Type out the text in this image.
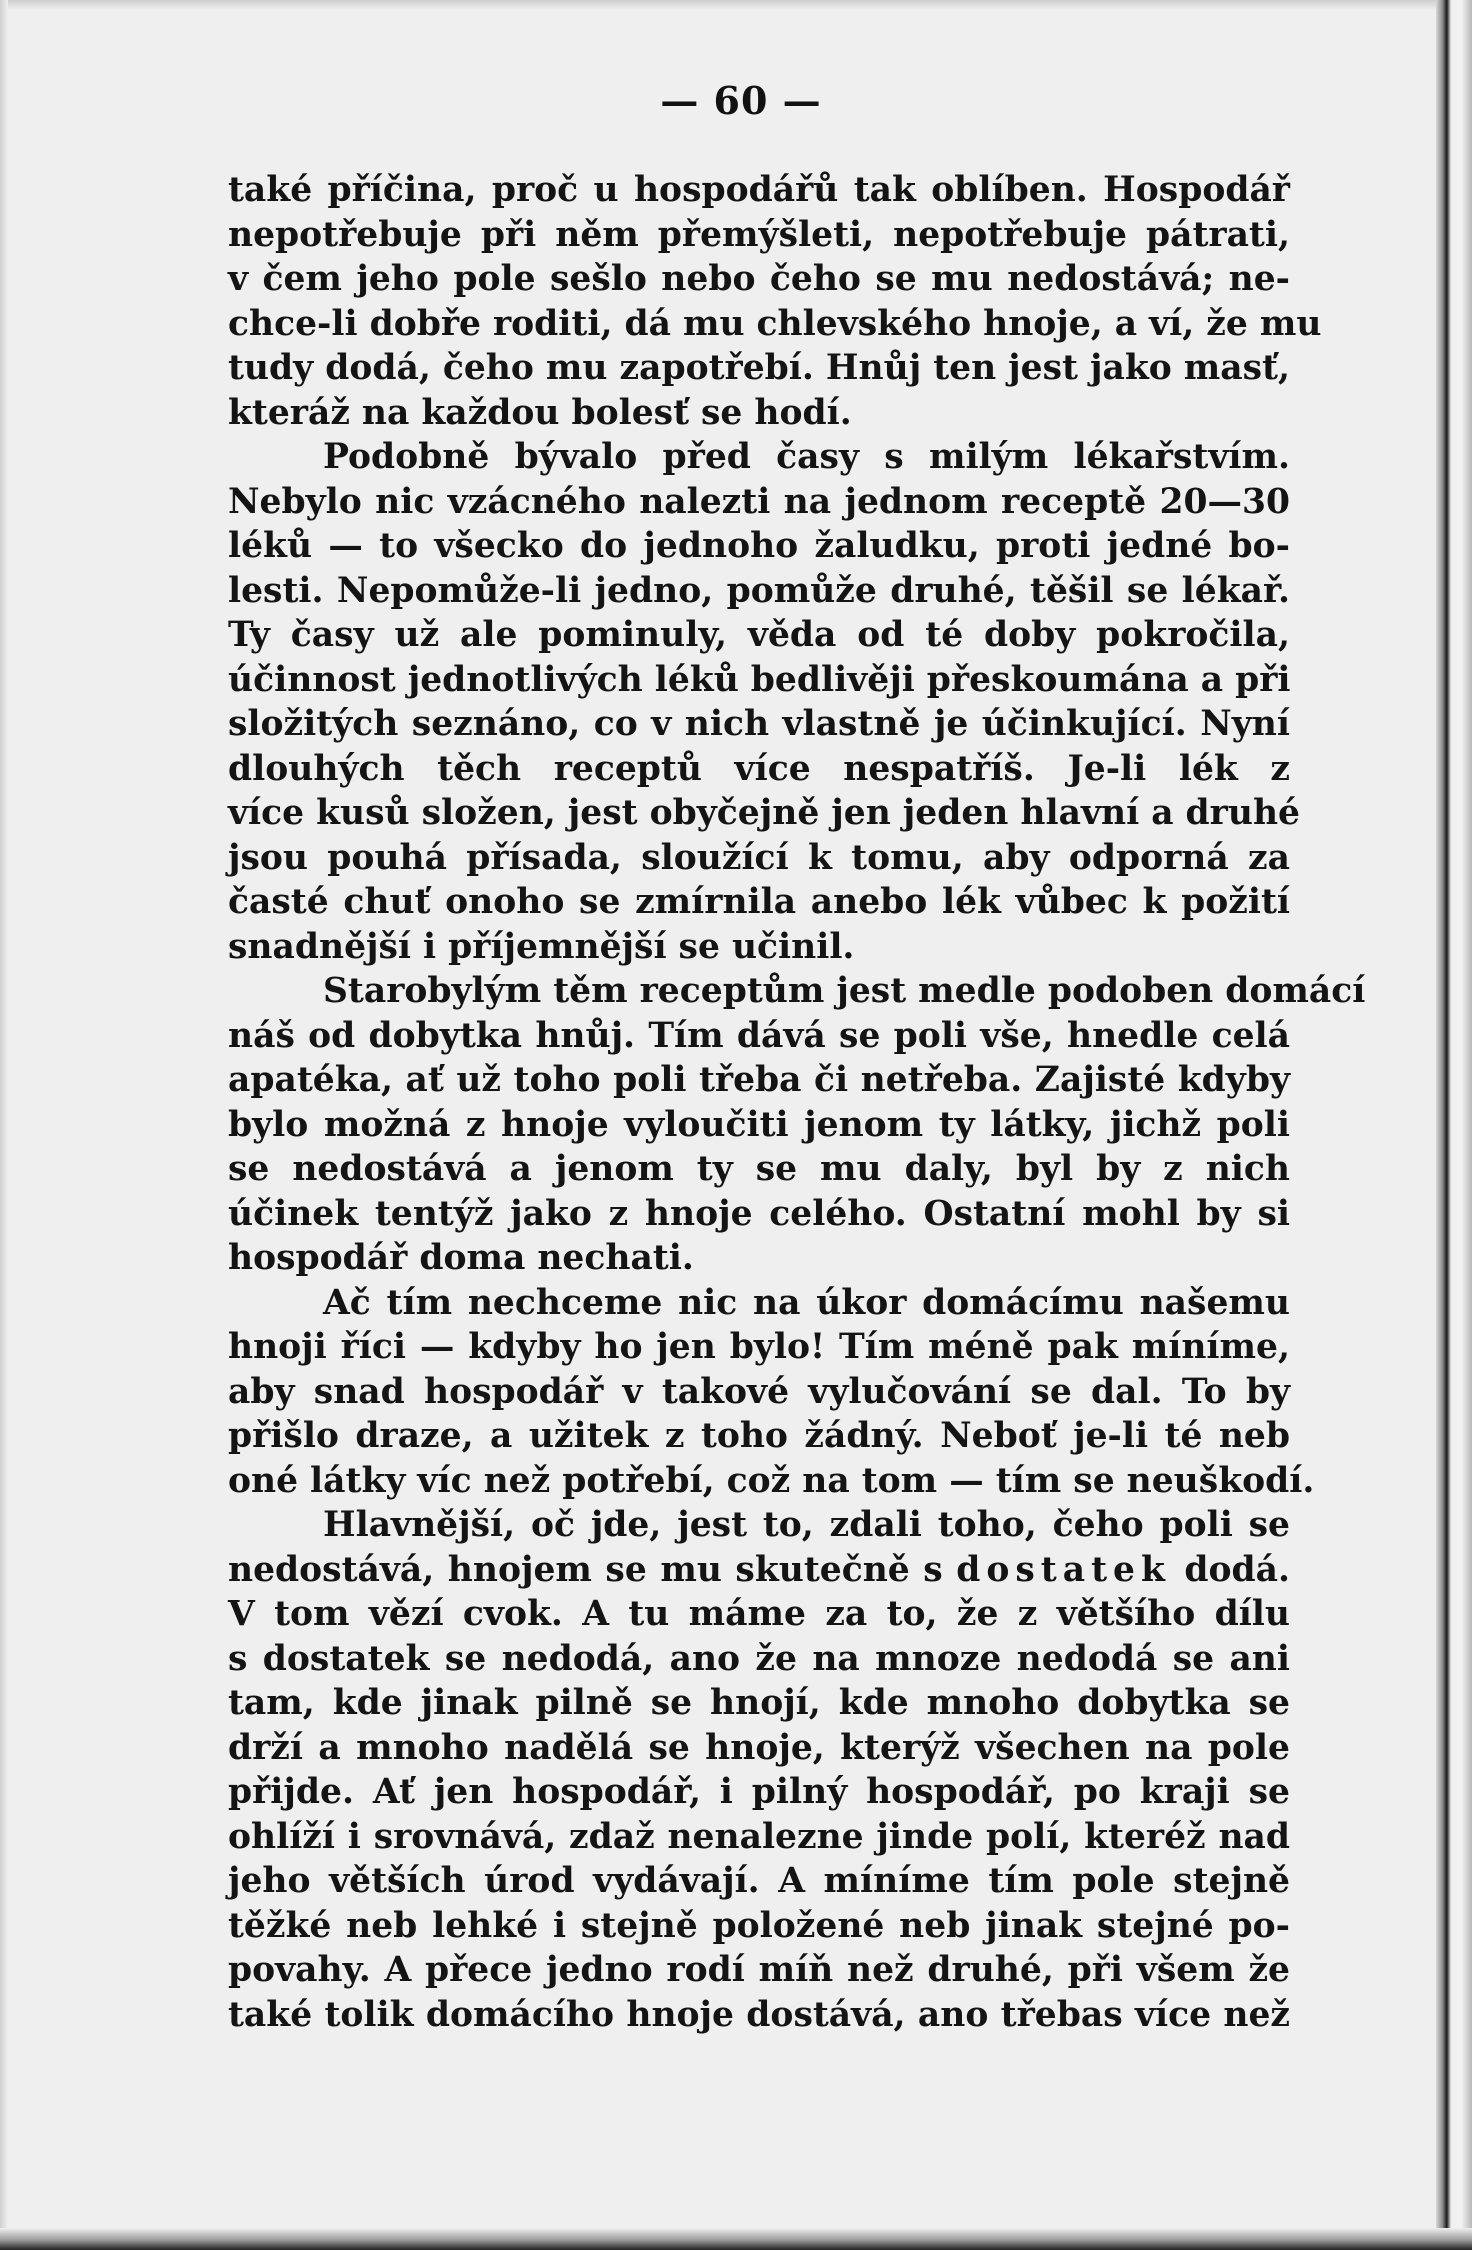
— 60 —
také příčina, proč u hospodářů tak oblíben. Hospodář
nepotřebuje při něm přemýšleti, nepotřebuje pátrati,
v čem jeho pole sešlo nebo čeho se mu nedostává; ne-
chce-li dobře roditi, dá mu chlevského hnoje, a ví, že mu
tudy dodá, čeho mu zapotřebí. Hnůj ten jest jako masť,
kteráž na každou bolesť se hodí.
Podobně bývalo před časy s milým lékařstvím.
Nebylo nic vzácného nalezti na jednom receptě 20—30
léků — to všecko do jednoho žaludku, proti jedné bo-
lesti. Nepomůže-li jedno, pomůže druhé, těšil se lékař.
Ty časy už ale pominuly, věda od té doby pokročila,
účinnost jednotlivých léků bedlivěji přeskoumána a při
složitých seznáno, co v nich vlastně je účinkující. Nyní
dlouhých těch receptů více nespatříš. Je-li lék z
více kusů složen, jest obyčejně jen jeden hlavní a druhé
jsou pouhá přísada, sloužící k tomu, aby odporná za
časté chuť onoho se zmírnila anebo lék vůbec k požití
snadnější i příjemnější se učinil.
Starobylým těm receptům jest medle podoben domácí
náš od dobytka hnůj. Tím dává se poli vše, hnedle celá
apatéka, ať už toho poli třeba či netřeba. Zajisté kdyby
bylo možná z hnoje vyloučiti jenom ty látky, jichž poli
se nedostává a jenom ty se mu daly, byl by z nich
účinek tentýž jako z hnoje celého. Ostatní mohl by si
hospodář doma nechati.
Ač tím nechceme nic na úkor domácímu našemu
hnoji říci — kdyby ho jen bylo! Tím méně pak míníme,
aby snad hospodář v takové vylučování se dal. To by
přišlo draze, a užitek z toho žádný. Neboť je-li té neb
oné látky víc než potřebí, což na tom — tím se neuškodí.
Hlavnější, oč jde, jest to, zdali toho, čeho poli se
nedostává, hnojem se mu skutečně s dostatek dodá.
V tom vězí cvok. A tu máme za to, že z většího dílu
s dostatek se nedodá, ano že na mnoze nedodá se ani
tam, kde jinak pilně se hnojí, kde mnoho dobytka se
drží a mnoho nadělá se hnoje, kterýž všechen na pole
přijde. Ať jen hospodář, i pilný hospodář, po kraji se
ohlíží i srovnává, zdaž nenalezne jinde polí, kteréž nad
jeho větších úrod vydávají. A míníme tím pole stejně
těžké neb lehké i stejně položené neb jinak stejné po-
povahy. A přece jedno rodí míň než druhé, při všem že
také tolik domácího hnoje dostává, ano třebas více než
